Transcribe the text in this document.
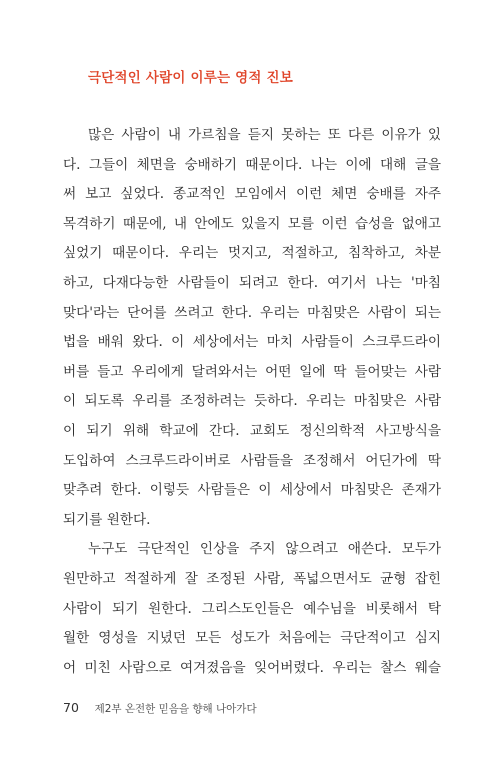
극단적인 사람이 이루는 영적 진보
많은 사람이 내 가르침을 듣지 못하는 또 다른 이유가 있
다. 그들이 체면을 숭배하기 때문이다. 나는 이에 대해 글을
써 보고 싶었다. 종교적인 모임에서 이런 체면 숭배를 자주
목격하기 때문에, 내 안에도 있을지 모를 이런 습성을 없애고
싶었기 때문이다. 우리는 멋지고, 적절하고, 침착하고, 차분
하고, 다재다능한 사람들이 되려고 한다. 여기서 나는 '마침
맞다'라는 단어를 쓰려고 한다. 우리는 마침맞은 사람이 되는
법을 배워 왔다. 이 세상에서는 마치 사람들이 스크루드라이
버를 들고 우리에게 달려와서는 어떤 일에 딱 들어맞는 사람
이 되도록 우리를 조정하려는 듯하다. 우리는 마침맞은 사람
이 되기 위해 학교에 간다. 교회도 정신의학적 사고방식을
도입하여 스크루드라이버로 사람들을 조정해서 어딘가에 딱
맞추려 한다. 이렇듯 사람들은 이 세상에서 마침맞은 존재가
되기를 원한다.
누구도 극단적인 인상을 주지 않으려고 애쓴다. 모두가
원만하고 적절하게 잘 조정된 사람, 폭넓으면서도 균형 잡힌
사람이 되기 원한다. 그리스도인들은 예수님을 비롯해서 탁
월한 영성을 지녔던 모든 성도가 처음에는 극단적이고 심지
어 미친 사람으로 여겨졌음을 잊어버렸다. 우리는 찰스 웨슬
70 제2부 온전한 믿음을 향해 나아가다
